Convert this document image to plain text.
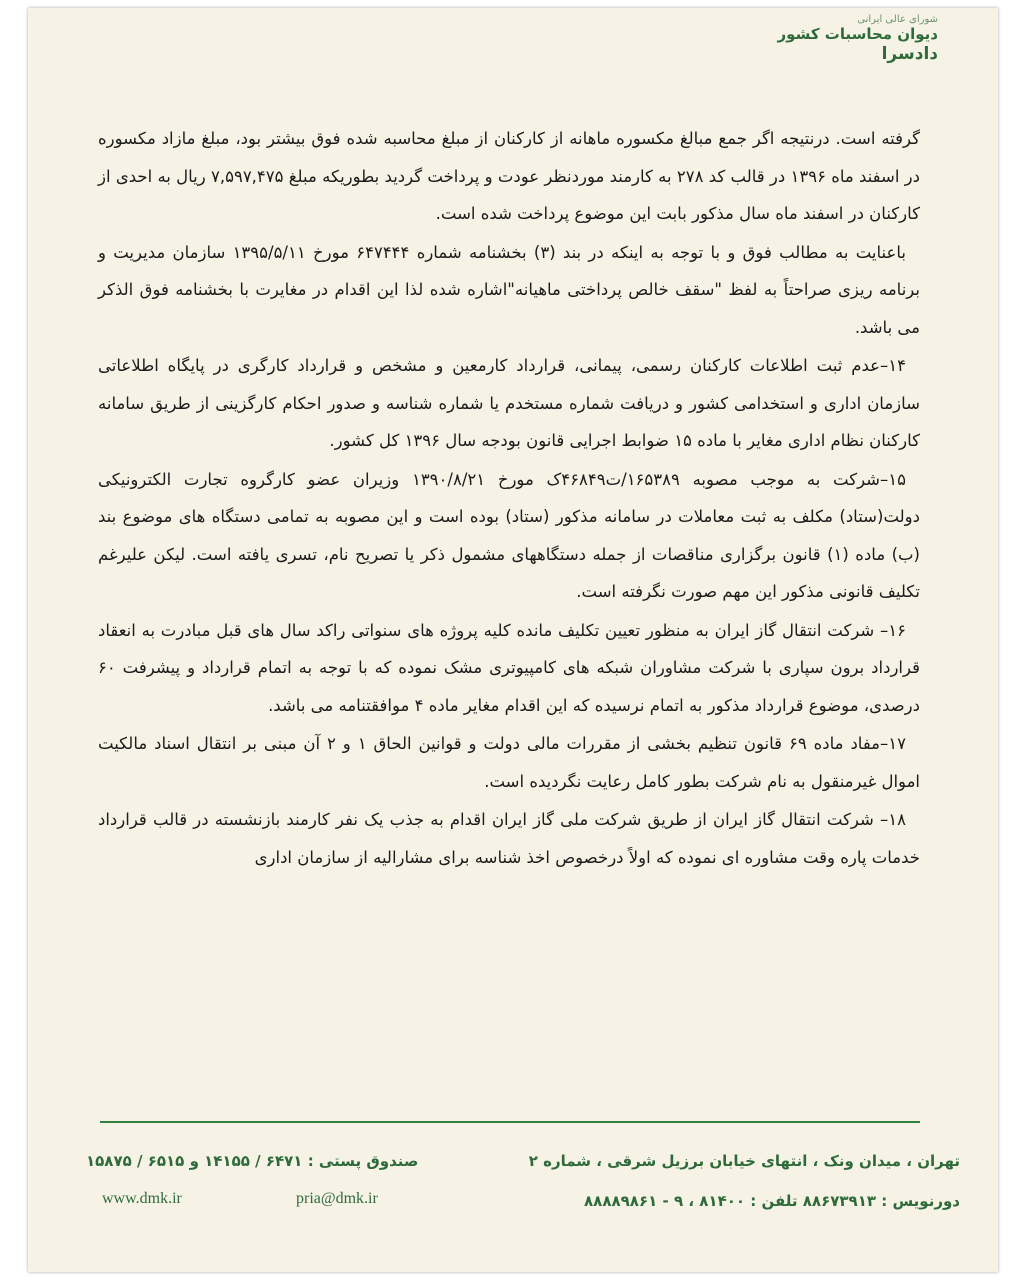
شورای عالی ایرانی
دیوان محاسبات کشور
دادسرا

گرفته است. درنتیجه اگر جمع مبالغ مکسوره ماهانه از کارکنان از مبلغ محاسبه شده فوق بیشتر بود، مبلغ مازاد مکسوره در اسفند ماه ۱۳۹۶ در قالب کد ۲۷۸ به کارمند موردنظر عودت و پرداخت گردید بطوریکه مبلغ ۷,۵۹۷,۴۷۵ ریال به احدی از کارکنان در اسفند ماه سال مذکور بابت این موضوع پرداخت شده است.

باعنایت به مطالب فوق و با توجه به اینکه در بند (۳) بخشنامه شماره ۶۴۷۴۴۴ مورخ ۱۳۹۵/۵/۱۱ سازمان مدیریت و برنامه ریزی صراحتاً به لفظ "سقف خالص پرداختی ماهیانه"اشاره شده لذا این اقدام در مغایرت با بخشنامه فوق الذکر می باشد.

۱۴–عدم ثبت اطلاعات کارکنان رسمی، پیمانی، قرارداد کارمعین و مشخص و قرارداد کارگری در پایگاه اطلاعاتی سازمان اداری و استخدامی کشور و دریافت شماره مستخدم یا شماره شناسه و صدور احکام کارگزینی از طریق سامانه کارکنان نظام اداری مغایر با ماده ۱۵ ضوابط اجرایی قانون بودجه سال ۱۳۹۶ کل کشور.

۱۵–شرکت به موجب مصوبه ۱۶۵۳۸۹/ت۴۶۸۴۹ک مورخ ۱۳۹۰/۸/۲۱ وزیران عضو کارگروه تجارت الکترونیکی دولت(ستاد) مکلف به ثبت معاملات در سامانه مذکور (ستاد) بوده است و این مصوبه به تمامی دستگاه های موضوع بند (ب) ماده (۱) قانون برگزاری مناقصات از جمله دستگاههای مشمول ذکر یا تصریح نام، تسری یافته است. لیکن علیرغم تکلیف قانونی مذکور این مهم صورت نگرفته است.

۱۶– شرکت انتقال گاز ایران به منظور تعیین تکلیف مانده کلیه پروژه های سنواتی راکد سال های قبل مبادرت به انعقاد قرارداد برون سپاری با شرکت مشاوران شبکه های کامپیوتری مشک نموده که با توجه به اتمام قرارداد و پیشرفت ۶۰ درصدی، موضوع قرارداد مذکور به اتمام نرسیده که این اقدام مغایر ماده ۴ موافقتنامه می باشد.

۱۷–مفاد ماده ۶۹ قانون تنظیم بخشی از مقررات مالی دولت و قوانین الحاق ۱ و ۲ آن مبنی بر انتقال اسناد مالکیت اموال غیرمنقول به نام شرکت بطور کامل رعایت نگردیده است.

۱۸– شرکت انتقال گاز ایران از طریق شرکت ملی گاز ایران اقدام به جذب یک نفر کارمند بازنشسته در قالب قرارداد خدمات پاره وقت مشاوره ای نموده که اولاً درخصوص اخذ شناسه برای مشارالیه از سازمان اداری

تهران ، میدان ونک ، انتهای خیابان برزیل شرقی ، شماره ۲
صندوق پستی : ۶۴۷۱ / ۱۴۱۵۵ و ۶۵۱۵ / ۱۵۸۷۵
دورنویس : ۸۸۶۷۳۹۱۳ تلفن : ۸۱۴۰۰ ، ۹ - ۸۸۸۸۹۸۶۱
pria@dmk.ir
www.dmk.ir
